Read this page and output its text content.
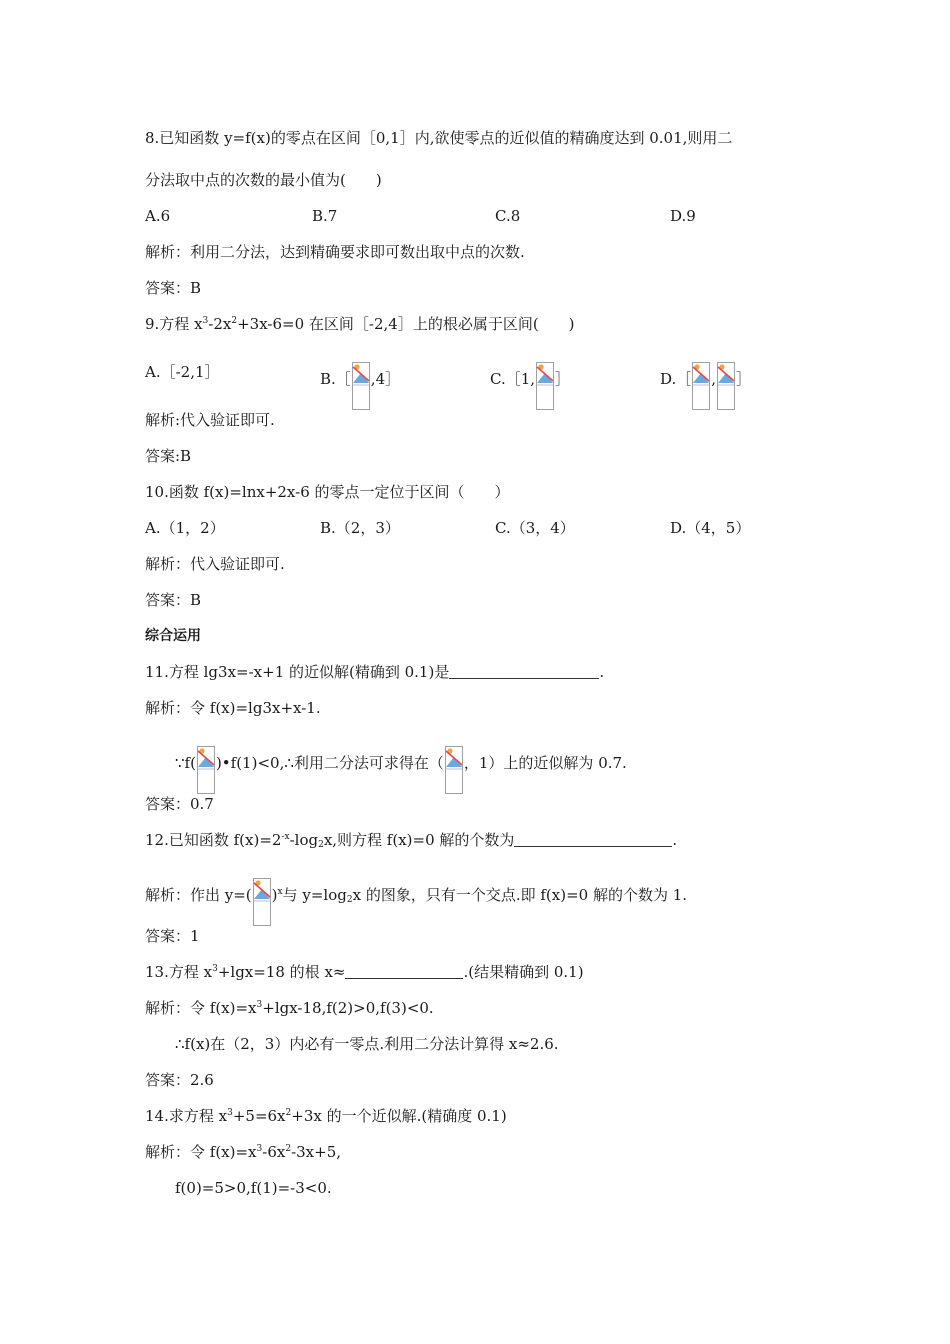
8.已知函数 y=f(x)的零点在区间［0,1］内,欲使零点的近似值的精确度达到 0.01,则用二
分法取中点的次数的最小值为(　　)
A.6	B.7	C.8	D.9
解析：利用二分法，达到精确要求即可数出取中点的次数.
答案：B
9.方程 $x^3-2x^2+3x-6=0$ 在区间［-2,4］上的根必属于区间(　　)
A.［-2,1］	B.［ ,4］	C.［1, ］	D.［ , ］
解析:代入验证即可.
答案:B
10.函数 f(x)=lnx+2x-6 的零点一定位于区间（　　）
A.（1，2）	B.（2，3）	C.（3，4）	D.（4，5）
解析：代入验证即可.
答案：B
综合运用
11.方程 lg3x=-x+1 的近似解(精确到 0.1)是	.
解析：令 f(x)=lg3x+x-1.
∵f( )•f(1)<0,∴利用二分法可求得在（ ，1）上的近似解为 0.7.
答案：0.7
12.已知函数 $f(x)=2^{-x}-\log_2x$,则方程 f(x)=0 解的个数为	.
解析：作出 y=( )$^x$与 $y=\log_2x$ 的图象，只有一个交点.即 f(x)=0 解的个数为 1.
答案：1
13.方程 $x^3+\lg x=18$ 的根 x≈	.(结果精确到 0.1)
解析：令 $f(x)=x^3+\lg x-18,f(2)>0,f(3)<0$.
∴f(x)在（2，3）内必有一零点.利用二分法计算得 x≈2.6.
答案：2.6
14.求方程 $x^3+5=6x^2+3x$ 的一个近似解.(精确度 0.1)
解析：令 $f(x)=x^3-6x^2-3x+5$,
f(0)=5>0,f(1)=-3<0.
